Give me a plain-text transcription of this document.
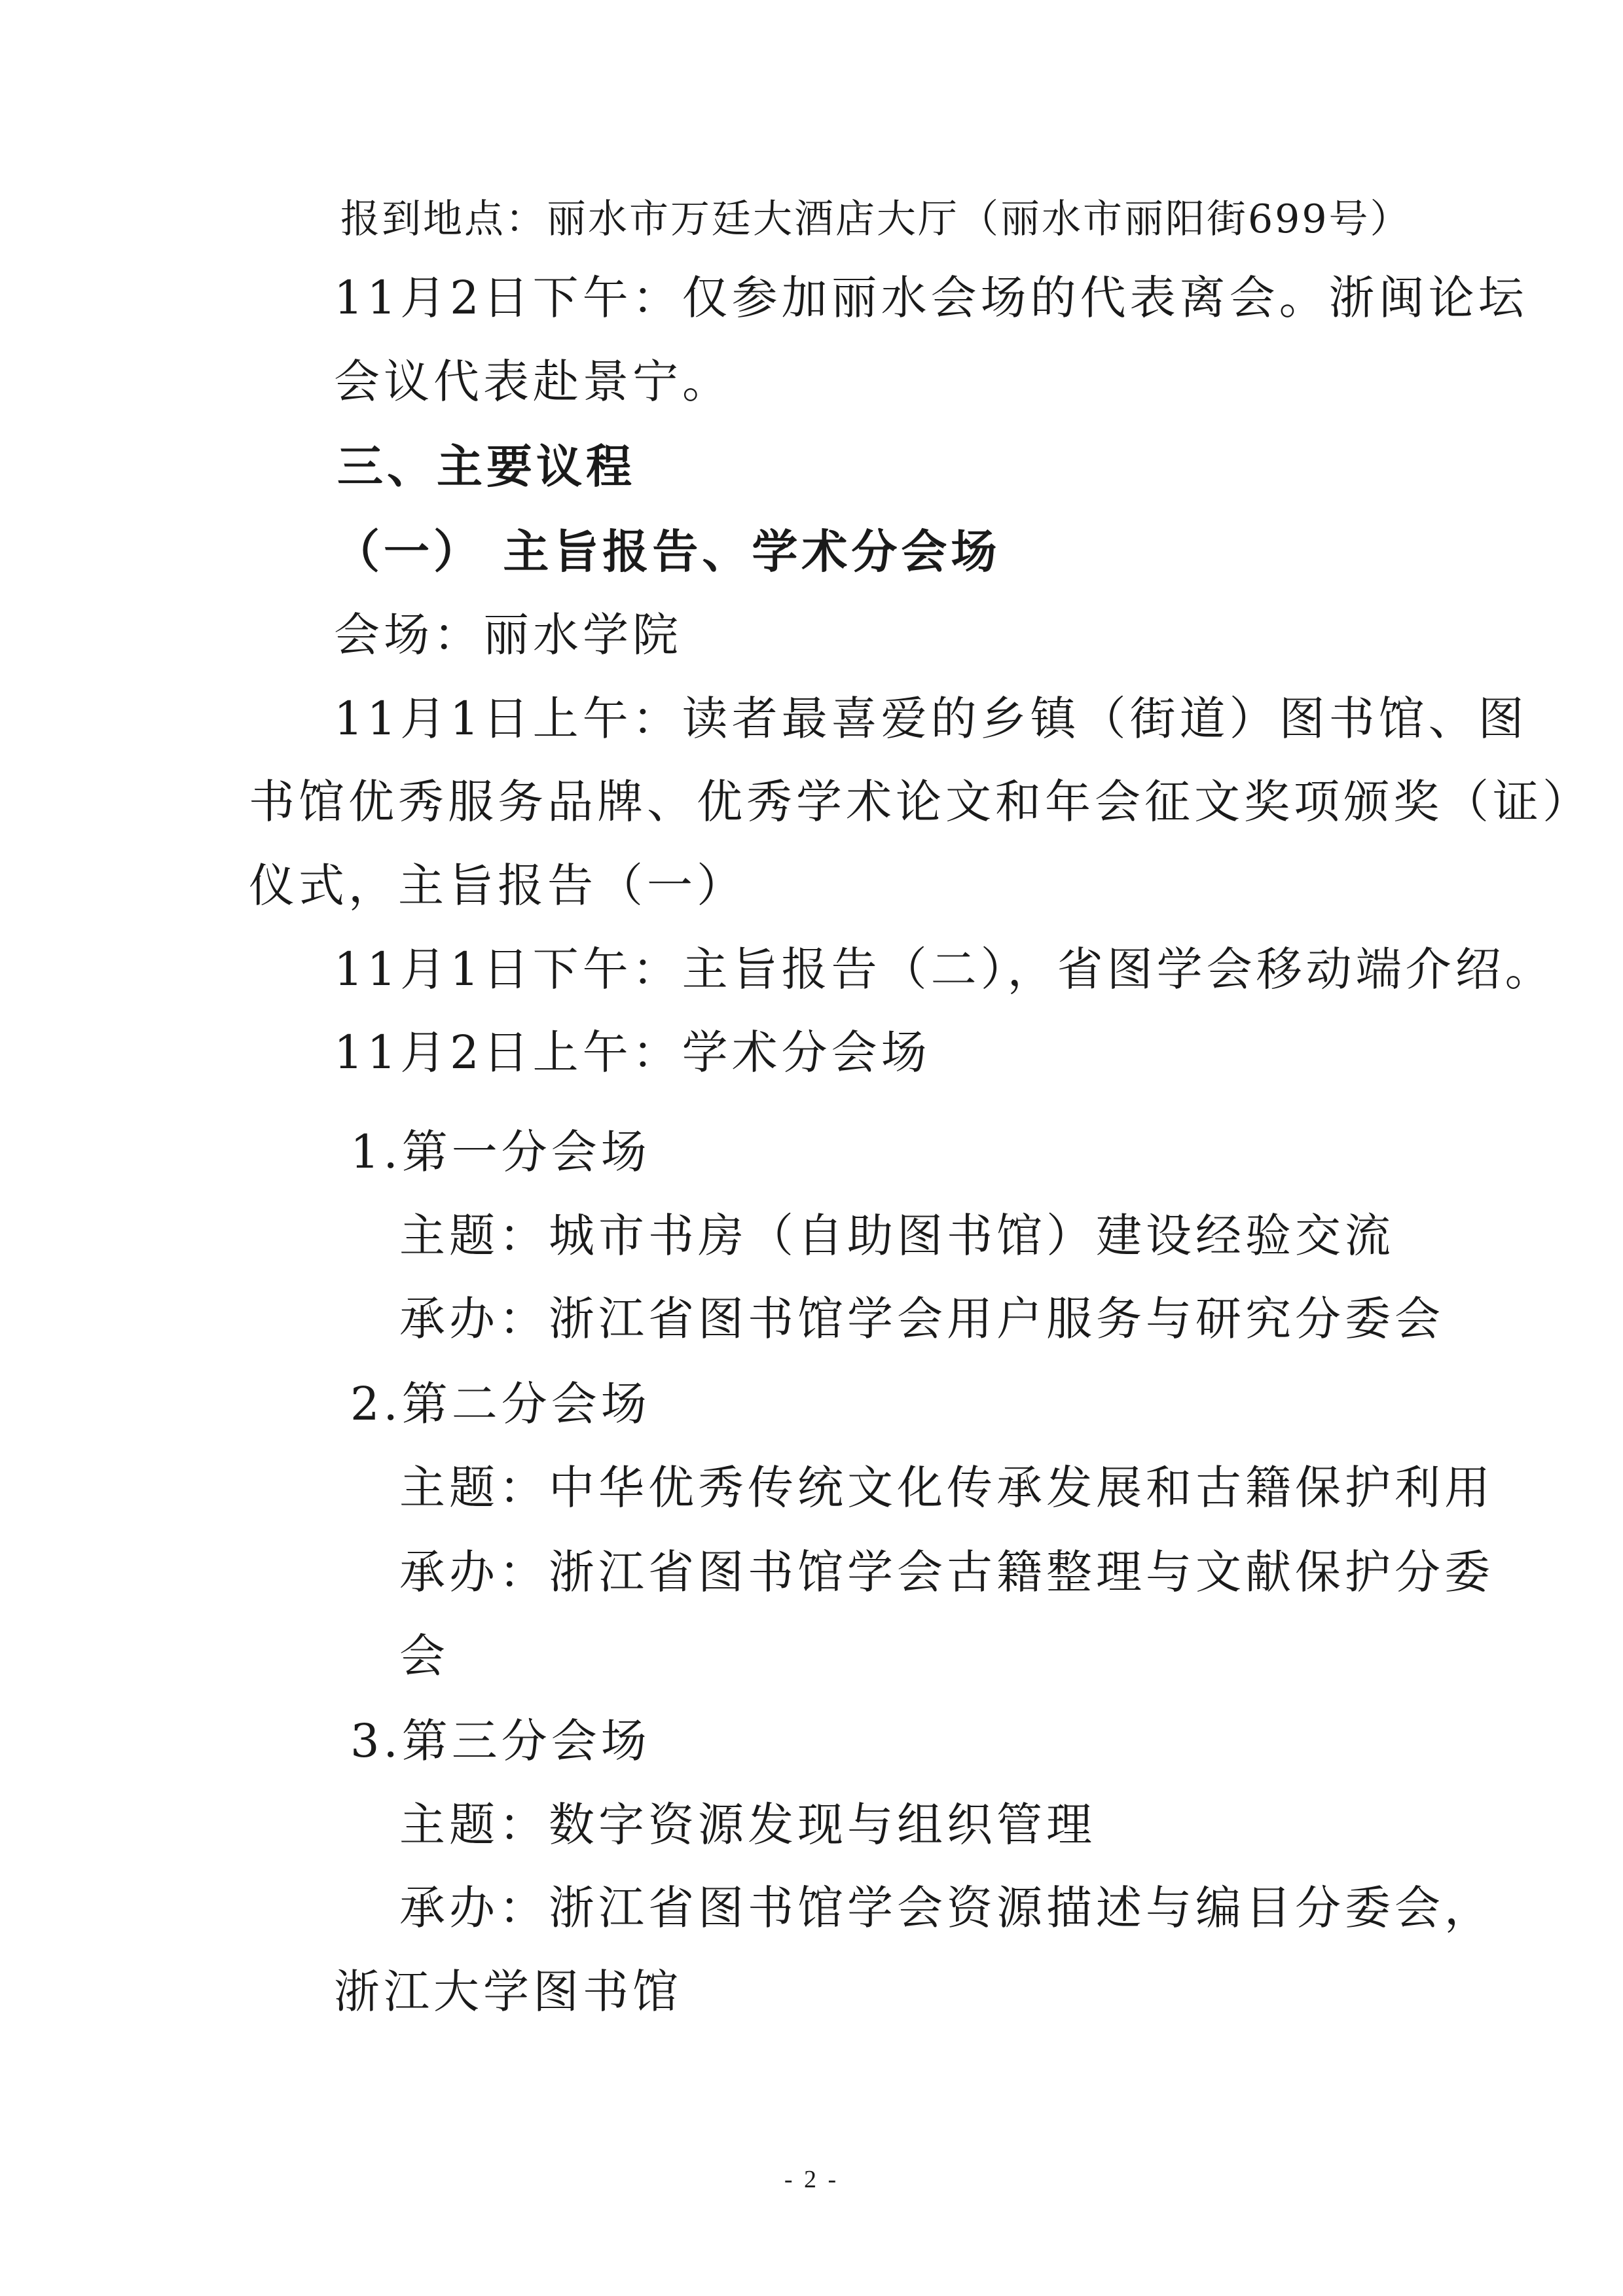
报到地点：丽水市万廷大酒店大厅（丽水市丽阳街699号）
11月2日下午：仅参加丽水会场的代表离会。浙闽论坛
会议代表赴景宁。
三、主要议程
（一） 主旨报告、学术分会场
会场：丽水学院
11月1日上午：读者最喜爱的乡镇（街道）图书馆、图
书馆优秀服务品牌、优秀学术论文和年会征文奖项颁奖（证）
仪式，主旨报告（一）
11月1日下午：主旨报告（二），省图学会移动端介绍。
11月2日上午：学术分会场
1.第一分会场
主题：城市书房（自助图书馆）建设经验交流
承办：浙江省图书馆学会用户服务与研究分委会
2.第二分会场
主题：中华优秀传统文化传承发展和古籍保护利用
承办：浙江省图书馆学会古籍整理与文献保护分委
会
3.第三分会场
主题：数字资源发现与组织管理
承办：浙江省图书馆学会资源描述与编目分委会，
浙江大学图书馆
- 2 -
